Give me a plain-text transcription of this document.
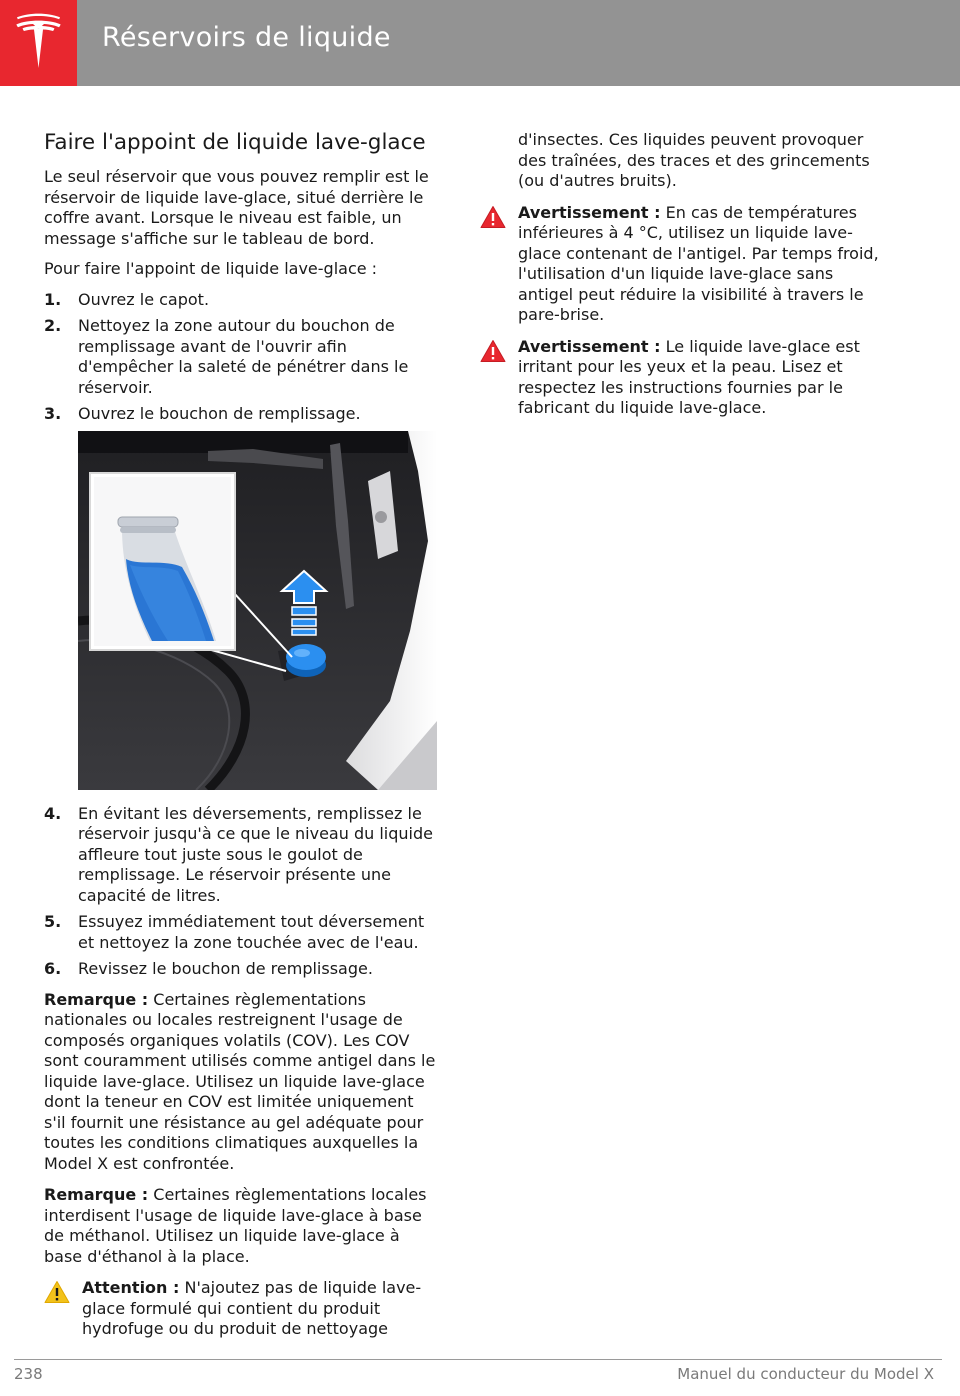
Réservoirs de liquide
Faire l'appoint de liquide lave-glace

Le seul réservoir que vous pouvez remplir est le réservoir de liquide lave-glace, situé derrière le coffre avant. Lorsque le niveau est faible, un message s'affiche sur le tableau de bord.

Pour faire l'appoint de liquide lave-glace :

1. Ouvrez le capot.
2. Nettoyez la zone autour du bouchon de remplissage avant de l'ouvrir afin d'empêcher la saleté de pénétrer dans le réservoir.
3. Ouvrez le bouchon de remplissage.
4. En évitant les déversements, remplissez le réservoir jusqu'à ce que le niveau du liquide affleure tout juste sous le goulot de remplissage. Le réservoir présente une capacité de litres.
5. Essuyez immédiatement tout déversement et nettoyez la zone touchée avec de l'eau.
6. Revissez le bouchon de remplissage.

Remarque : Certaines règlementations nationales ou locales restreignent l'usage de composés organiques volatils (COV). Les COV sont couramment utilisés comme antigel dans le liquide lave-glace. Utilisez un liquide lave-glace dont la teneur en COV est limitée uniquement s'il fournit une résistance au gel adéquate pour toutes les conditions climatiques auxquelles la Model X est confrontée.

Remarque : Certaines règlementations locales interdisent l'usage de liquide lave-glace à base de méthanol. Utilisez un liquide lave-glace à base d'éthanol à la place.

Attention : N'ajoutez pas de liquide lave-glace formulé qui contient du produit hydrofuge ou du produit de nettoyage

d'insectes. Ces liquides peuvent provoquer des traînées, des traces et des grincements (ou d'autres bruits).

Avertissement : En cas de températures inférieures à 4 °C, utilisez un liquide lave-glace contenant de l'antigel. Par temps froid, l'utilisation d'un liquide lave-glace sans antigel peut réduire la visibilité à travers le pare-brise.
Avertissement : Le liquide lave-glace est irritant pour les yeux et la peau. Lisez et respectez les instructions fournies par le fabricant du liquide lave-glace.
238	Manuel du conducteur du Model X
